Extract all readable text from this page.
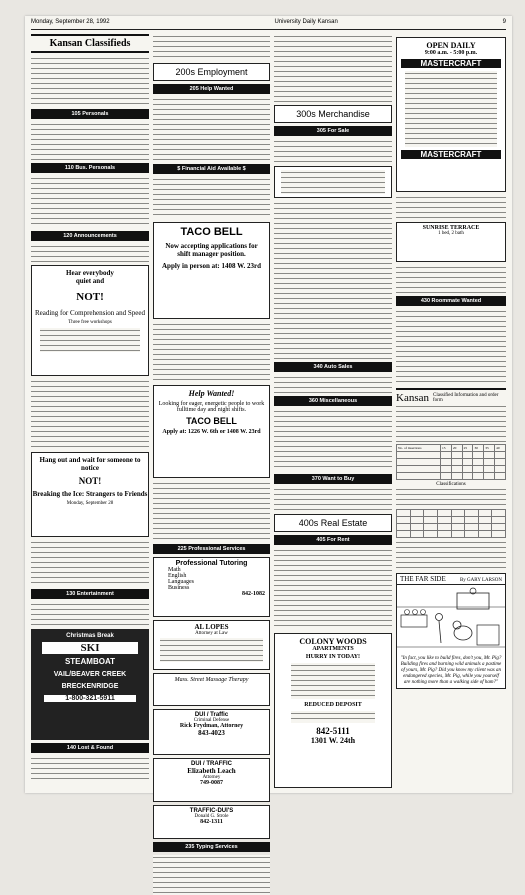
Monday, September 28, 1992	University Daily Kansan	9
Kansan Classifieds
105 Personals
110 Bus. Personals
120 Announcements
Hear everybody
quiet and
NOT!
Reading for Comprehension and Speed
Three free workshops
Hang out and wait for someone to notice
NOT!
Breaking the Ice: Strangers to Friends
Monday, September 28
130 Entertainment
Christmas Break
SKI
STEAMBOAT
VAIL/BEAVER CREEK
BRECKENRIDGE
1-800-321-5911
140 Lost & Found
200s Employment
205 Help Wanted
$ Financial Aid Available $
TACO BELL
Now accepting applications for shift manager position.
Apply in person at: 1408 W. 23rd
Help Wanted!
Looking for eager, energetic people to work fulltime day and night shifts.
TACO BELL
Apply at: 1226 W. 6th or 1408 W. 23rd
225 Professional Services
Professional Tutoring
Math
English
Languages
Business
842-1082
AL LOPES
Attorney at Law
Mass. Street Massage Therapy
DUI / Traffic
Criminal Defense
Rick Frydman, Attorney
843-4023
DUI / TRAFFIC
Elizabeth Leach
Attorney
749-0087
TRAFFIC-DUI'S
Donald G. Strole
842-1311
235 Typing Services
300s Merchandise
305 For Sale
340 Auto Sales
360 Miscellaneous
370 Want to Buy
400s Real Estate
405 For Rent
COLONY WOODS
APARTMENTS
HURRY IN TODAY!
REDUCED DEPOSIT
842-5111
1301 W. 24th
OPEN DAILY
9:00 a.m. - 5:00 p.m.
MASTERCRAFT
MASTERCRAFT
SUNRISE TERRACE
1 bed, 2 bath
430 Roommate Wanted
Kansan Classified Information and order form
No. of insertions	15	20	25	30	35	40

Classifications

THE FAR SIDE	By GARY LARSON
"In fact, you like to build fires, don't you, Mr. Pig? Building fires and burning wild animals a pastime of yours, Mr. Pig? Did you know my client was an endangered species, Mr. Pig, while you yourself are nothing more than a walking side of ham?"
